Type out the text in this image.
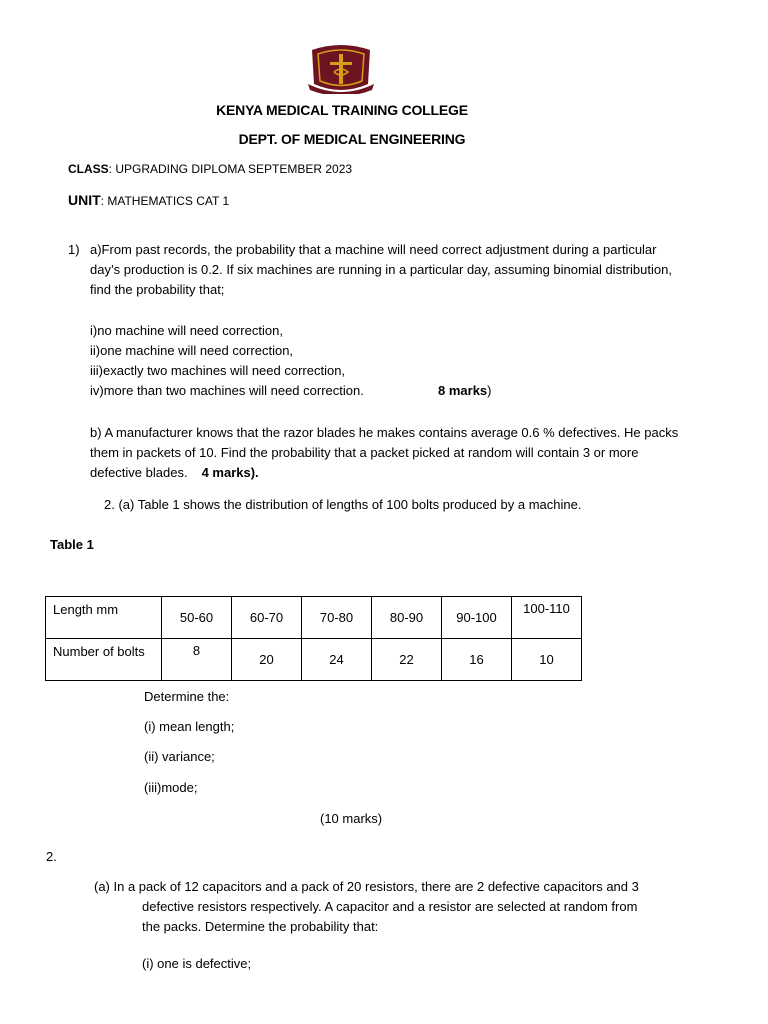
KENYA MEDICAL TRAINING COLLEGE
DEPT. OF MEDICAL ENGINEERING
CLASS: UPGRADING DIPLOMA SEPTEMBER 2023
UNIT: MATHEMATICS CAT 1
1) a)From past records, the probability that a machine will need correct adjustment during a particular
day’s production is 0.2. If six machines are running in a particular day, assuming binomial distribution,
find the probability that;
i)no machine will need correction,
ii)one machine will need correction,
iii)exactly two machines will need correction,
iv)more than two machines will need correction.	8 marks)
b) A manufacturer knows that the razor blades he makes contains average 0.6 % defectives. He packs
them in packets of 10. Find the probability that a packet picked at random will contain 3 or more
defective blades. 4 marks).
2. (a) Table 1 shows the distribution of lengths of 100 bolts produced by a machine.
Table 1
Length mm	50-60	60-70	70-80	80-90	90-100	100-110
Number of bolts	8	20	24	22	16	10
Determine the:
(i) mean length;
(ii) variance;
(iii)mode;
(10 marks)
2.
(a) In a pack of 12 capacitors and a pack of 20 resistors, there are 2 defective capacitors and 3
defective resistors respectively. A capacitor and a resistor are selected at random from
the packs. Determine the probability that:
(i) one is defective;
